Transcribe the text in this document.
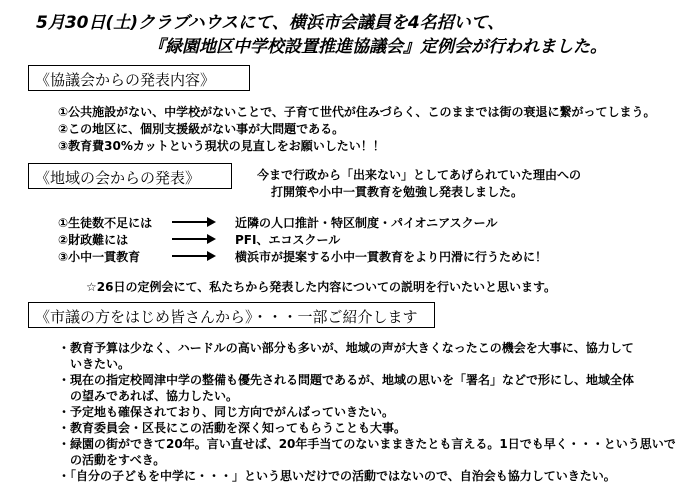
5月30日(土)クラブハウスにて、横浜市会議員を4名招いて、
『緑園地区中学校設置推進協議会』定例会が行われました。
《協議会からの発表内容》
①公共施設がない、中学校がないことで、子育て世代が住みづらく、このままでは街の衰退に繋がってしまう。
②この地区に、個別支援級がない事が大問題である。
③教育費30%カットという現状の見直しをお願いしたい！！
《地域の会からの発表》	今まで行政から「出来ない」としてあげられていた理由への
打開策や小中一貫教育を勉強し発表しました。
①生徒数不足には	近隣の人口推計・特区制度・パイオニアスクール
②財政難には	PFI、エコスクール
③小中一貫教育	横浜市が提案する小中一貫教育をより円滑に行うために！
☆26日の定例会にて、私たちから発表した内容についての説明を行いたいと思います。
《市議の方をはじめ皆さんから》・・・一部ご紹介します
・教育予算は少なく、ハードルの高い部分も多いが、地域の声が大きくなったこの機会を大事に、協力して
　いきたい。
・現在の指定校岡津中学の整備も優先される問題であるが、地域の思いを「署名」などで形にし、地域全体
　の望みであれば、協力したい。
・予定地も確保されており、同じ方向でがんばっていきたい。
・教育委員会・区長にこの活動を深く知ってもらうことも大事。
・緑園の街ができて20年。言い直せば、20年手当てのないままきたとも言える。1日でも早く・・・という思いで
　の活動をすべき。
・「自分の子どもを中学に・・・」という思いだけでの活動ではないので、自治会も協力していきたい。
